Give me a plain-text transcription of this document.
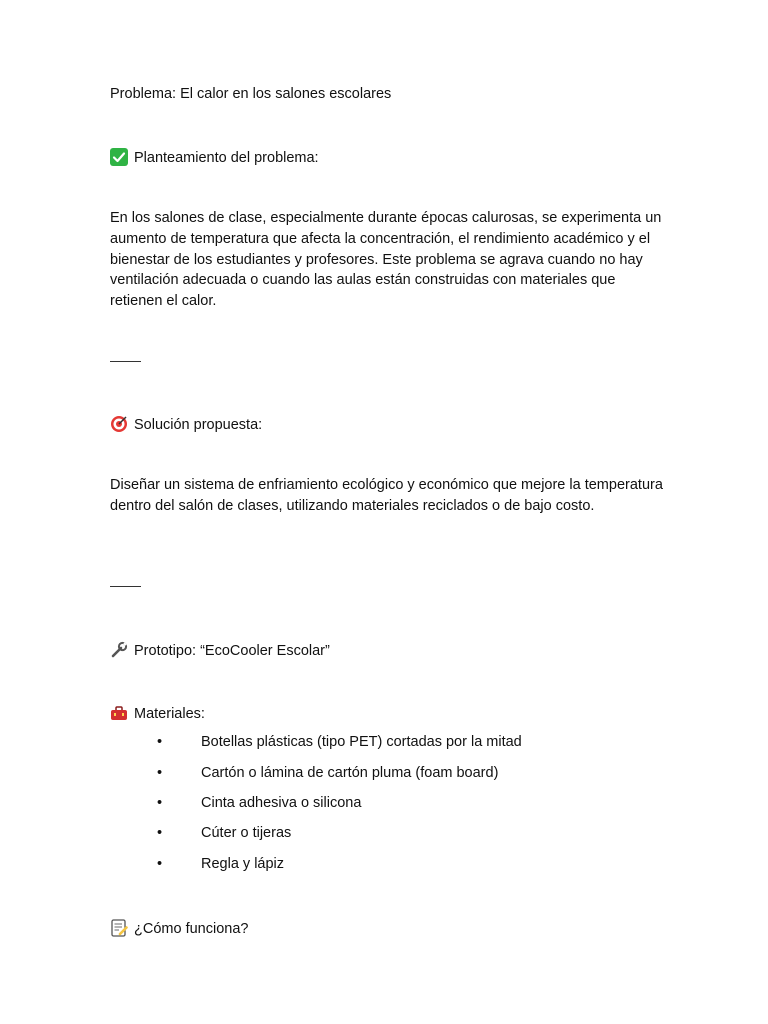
Problema: El calor en los salones escolares
Planteamiento del problema:
En los salones de clase, especialmente durante épocas calurosas, se experimenta un aumento de temperatura que afecta la concentración, el rendimiento académico y el bienestar de los estudiantes y profesores. Este problema se agrava cuando no hay ventilación adecuada o cuando las aulas están construidas con materiales que retienen el calor.
Solución propuesta:
Diseñar un sistema de enfriamiento ecológico y económico que mejore la temperatura dentro del salón de clases, utilizando materiales reciclados o de bajo costo.
Prototipo: “EcoCooler Escolar”
Materiales:
•	Botellas plásticas (tipo PET) cortadas por la mitad
•	Cartón o lámina de cartón pluma (foam board)
•	Cinta adhesiva o silicona
•	Cúter o tijeras
•	Regla y lápiz
¿Cómo funciona?
